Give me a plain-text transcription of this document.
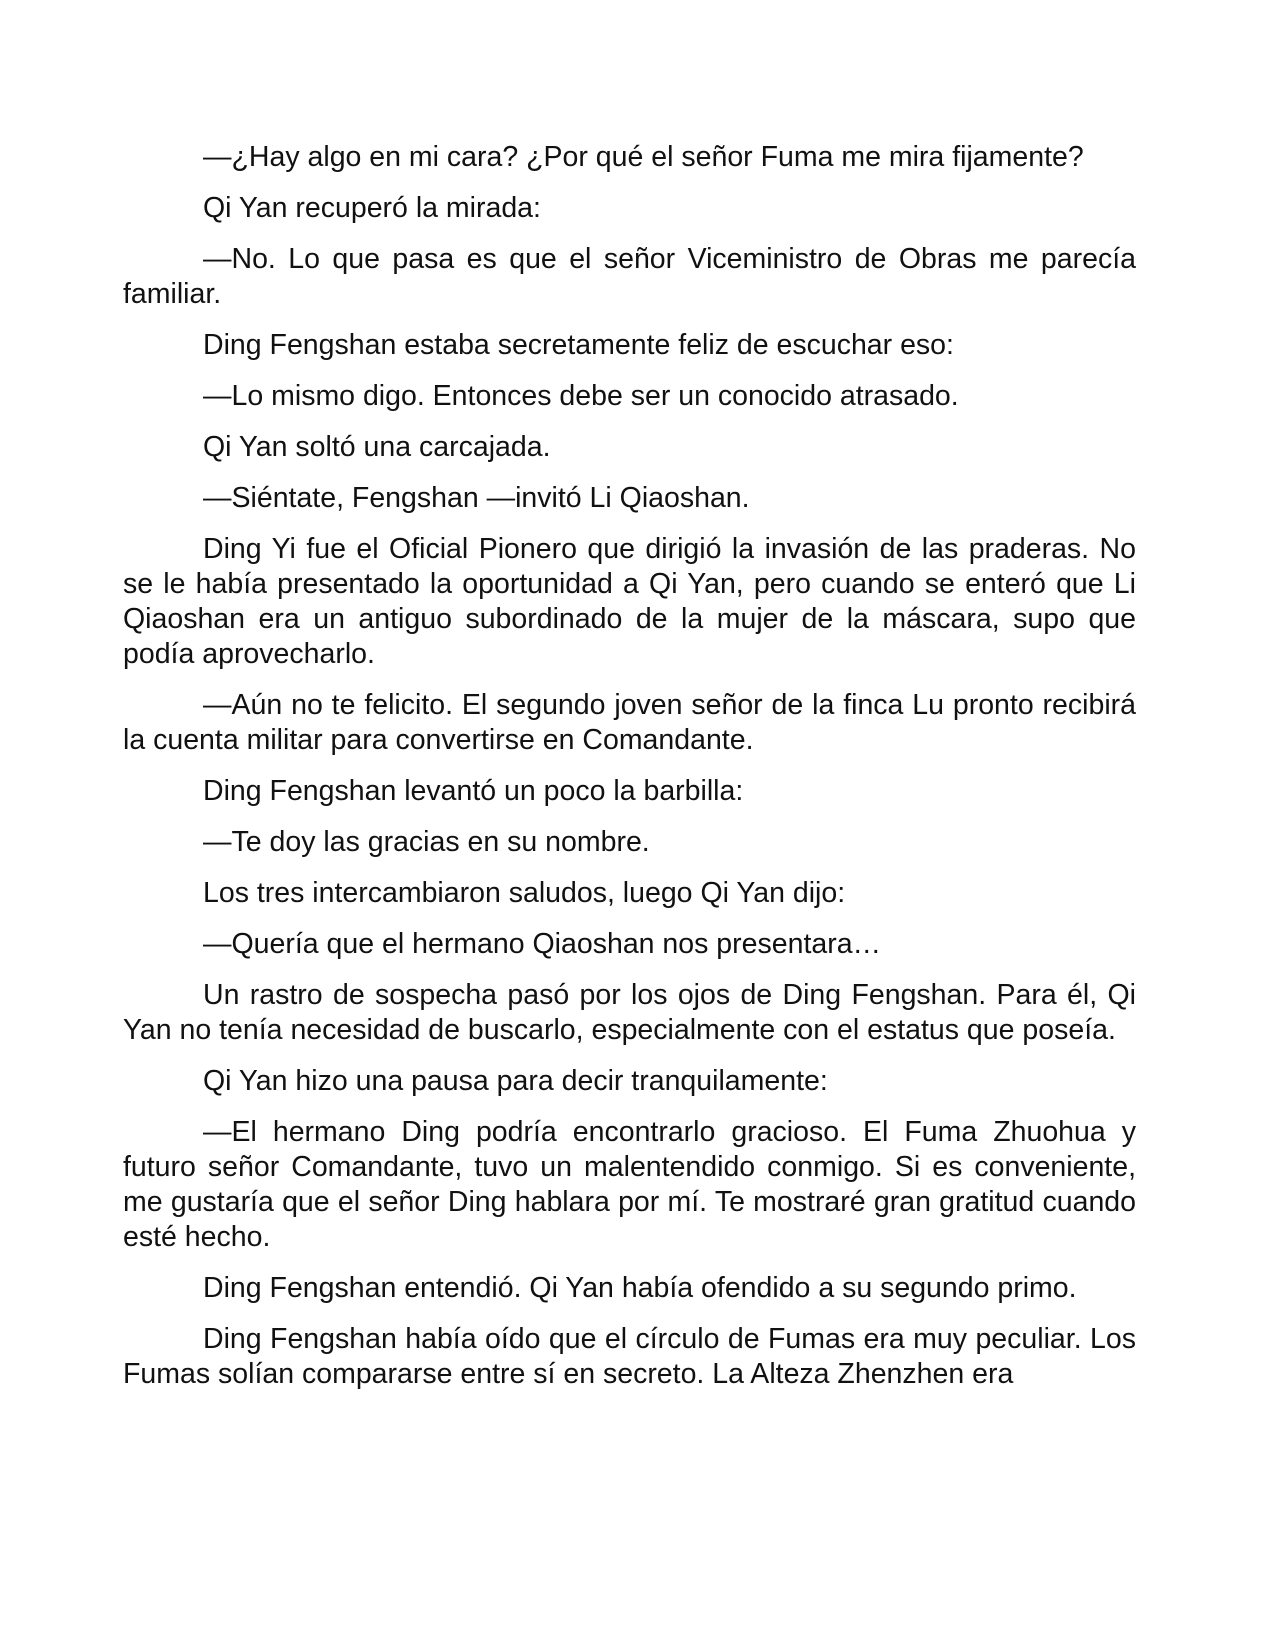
—¿Hay algo en mi cara? ¿Por qué el señor Fuma me mira fijamente?

Qi Yan recuperó la mirada:

—No. Lo que pasa es que el señor Viceministro de Obras me parecía familiar.

Ding Fengshan estaba secretamente feliz de escuchar eso:

—Lo mismo digo. Entonces debe ser un conocido atrasado.

Qi Yan soltó una carcajada.

—Siéntate, Fengshan —invitó Li Qiaoshan.

Ding Yi fue el Oficial Pionero que dirigió la invasión de las praderas. No se le había presentado la oportunidad a Qi Yan, pero cuando se enteró que Li Qiaoshan era un antiguo subordinado de la mujer de la máscara, supo que podía aprovecharlo.

—Aún no te felicito. El segundo joven señor de la finca Lu pronto recibirá la cuenta militar para convertirse en Comandante.

Ding Fengshan levantó un poco la barbilla:

—Te doy las gracias en su nombre.

Los tres intercambiaron saludos, luego Qi Yan dijo:

—Quería que el hermano Qiaoshan nos presentara…

Un rastro de sospecha pasó por los ojos de Ding Fengshan. Para él, Qi Yan no tenía necesidad de buscarlo, especialmente con el estatus que poseía.

Qi Yan hizo una pausa para decir tranquilamente:

—El hermano Ding podría encontrarlo gracioso. El Fuma Zhuohua y futuro señor Comandante, tuvo un malentendido conmigo. Si es conveniente, me gustaría que el señor Ding hablara por mí. Te mostraré gran gratitud cuando esté hecho.

Ding Fengshan entendió. Qi Yan había ofendido a su segundo primo.

Ding Fengshan había oído que el círculo de Fumas era muy peculiar. Los Fumas solían compararse entre sí en secreto. La Alteza Zhenzhen era
